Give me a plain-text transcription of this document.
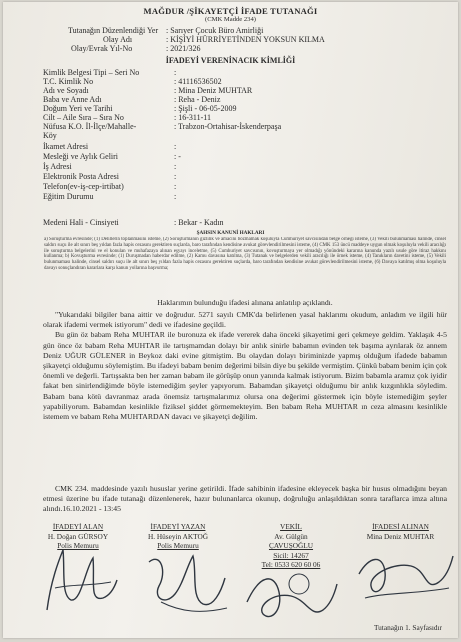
MAĞDUR /ŞİKAYETÇİ İFADE TUTANAĞI
(CMK Madde 234)
Tutanağın Düzenlendiği Yer : Sarıyer Çocuk Büro Amirliği
Olay Adı	: KİŞİYİ HÜRRİYETİNDEN YOKSUN KILMA
Olay/Evrak Yıl-No	: 2021/326
İFADEYİ VERENİNACIK KİMLİĞİ
Kimlik Belgesi Tipi – Seri No	:
T.C. Kimlik No	: 41116536502
Adı ve Soyadı	: Mina Deniz MUHTAR
Baba ve Anne Adı	: Reha - Deniz
Doğum Yeri ve Tarihi	: Şişli - 06-05-2009
Cilt – Aile Sıra – Sıra No	: 16-311-11
Nüfusa K.O. İl-İlçe/Mahalle-	: Trabzon-Ortahisar-İskenderpaşa
Köy
İkamet Adresi	:
Mesleği ve Aylık Geliri	: -
İş Adresi	:
Elektronik Posta Adresi	:
Telefon(ev-iş-cep-irtibat)	:
Eğitim Durumu	:
Medeni Hali - Cinsiyeti	: Bekar - Kadın
ŞAHSIN KANUNİ HAKLARI
a) Soruşturma evresinde; (1) Delillerin toplanmasını isteme, (2) Soruşturmanın gizlilik ve amacını bozmamak koşuluyla Cumhuriyet savcısından belge örneği isteme, (3) Vekili bulunmaması halinde, cinsel saldırı suçu ile alt sınırı beş yıldan fazla hapis cezasını gerektiren suçlarda, baro tarafından kendisine avukat görevlendirilmesini isteme, (4) CMK 153 üncü maddeye uygun olmak koşuluyla vekili aracılığı ile soruşturma belgelerini ve el konulan ve muhafazaya alınan eşyayı inceletme, (5) Cumhuriyet savcısının, kovuşturmaya yer olmadığı yönündeki kararına kanunda yazılı usule göre itiraz hakkını kullanma; b) Kovuşturma evresinde; (1) Duruşmadan haberdar edilme, (2) Kamu davasına katılma, (3) Tutanak ve belgelerden vekili aracılığı ile örnek isteme, (4) Tanıkların davetini isteme, (5) Vekili bulunmaması halinde, cinsel saldırı suçu ile alt sınırı beş yıldan fazla hapis cezasını gerektiren suçlarda, baro tarafından kendisine avukat görevlendirilmesini isteme, (6) Davaya katılmış olma koşuluyla davayı sonuçlandıran kararlara karşı kanun yollarına başvurma;
Haklarımın bulunduğu ifadesi alınana anlatılıp açıklandı.

"Yukarıdaki bilgiler bana aittir ve doğrudur. 5271 sayılı CMK'da belirlenen yasal haklarımı okudum, anladım ve ilgili hür olarak ifademi vermek istiyorum" dedi ve ifadesine geçildi.

Bu gün öz babam Reha MUHTAR ile buronuza ek ifade vererek daha önceki şikayetimi geri çekmeye geldim. Yaklaşık 4-5 gün önce öz babam Reha MUHTAR ile tartışmamdan dolayı bir anlık sinirle babamın evinden tek başıma ayrılarak öz annem Deniz UĞUR GÜLENER in Beykoz daki evine gitmiştim. Bu olaydan dolayı biriminizde yapmış olduğum ifadede babamın şikayetçi olduğumu söylemiştim. Bu ifadeyi babam benim değerimi bilsin diye bu şekilde vermiştim. Çünkü babam benim için çok önemli ve değerli. Tartışsakta ben her zaman babam ile görüşüp onun yanında kalmak istiyorum. Bizim babamla aramız çok iyidir fakat ben sinirlendiğimde böyle istemediğim şeyler yapıyorum. Babamdan şikayetçi olduğumu bir anlık kızgınlıkla söyledim. Babam bana kötü davranmaz arada önemsiz tartışmalarımız olursa ona değerimi göstermek için böyle istemediğim şeyler yapabiliyorum. Babamdan kesinlikle fiziksel şiddet görmemekteyim. Ben babam Reha MUHTAR ın ceza almasını kesinlikle istemem ve babam Reha MUHTARDAN davacı ve şikayetçi değilim.

CMK 234. maddesinde yazılı hususlar yerine getirildi. İfade sahibinin ifadesine ekleyecek başka bir husus olmadığını beyan etmesi üzerine bu ifade tutanağı düzenlenerek, hazır bulunanlarca okunup, doğruluğu anlaşıldıktan sonra taraflarca imza altına alındı.16.10.2021 - 13:45

İFADEYİ ALAN
H. Doğan GÜRSOY
Polis Memuru
İFADEYİ YAZAN
H. Hüseyin AKTOĞ
Polis Memuru
VEKİL
Av. Gülgün
ÇAVUŞOĞLU
Sicil: 14267
Tel: 0533 620 60 06
İFADESİ ALINAN
Mina Deniz MUHTAR
Tutanağın 1. Sayfasıdır
